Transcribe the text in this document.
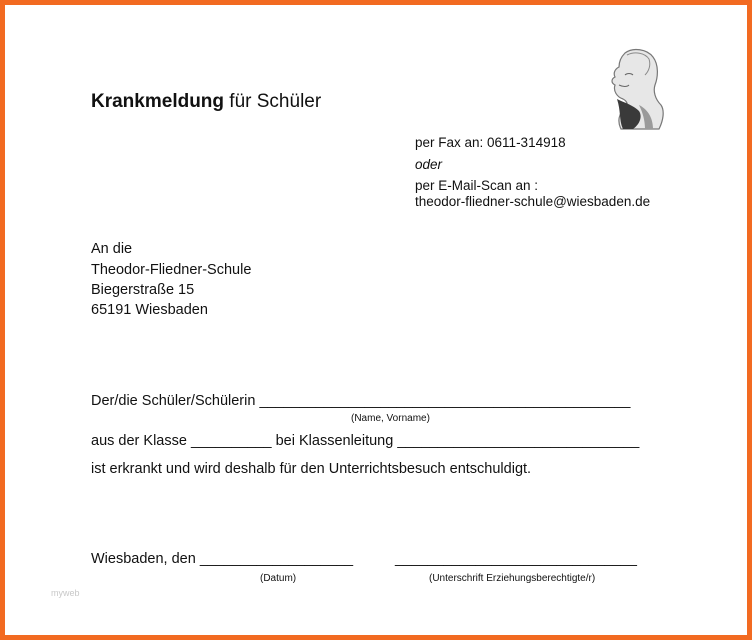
Krankmeldung für Schüler
per Fax an: 0611-314918
oder
per E-Mail-Scan an :
theodor-fliedner-schule@wiesbaden.de
An die
Theodor-Fliedner-Schule
Biegerstraße 15
65191 Wiesbaden
Der/die Schüler/Schülerin ______________________________________________
(Name, Vorname)
aus der Klasse __________ bei Klassenleitung ______________________________
ist erkrankt und wird deshalb für den Unterrichtsbesuch entschuldigt.
Wiesbaden, den ___________________	______________________________
(Datum)	(Unterschrift Erziehungsberechtigte/r)
myweb
